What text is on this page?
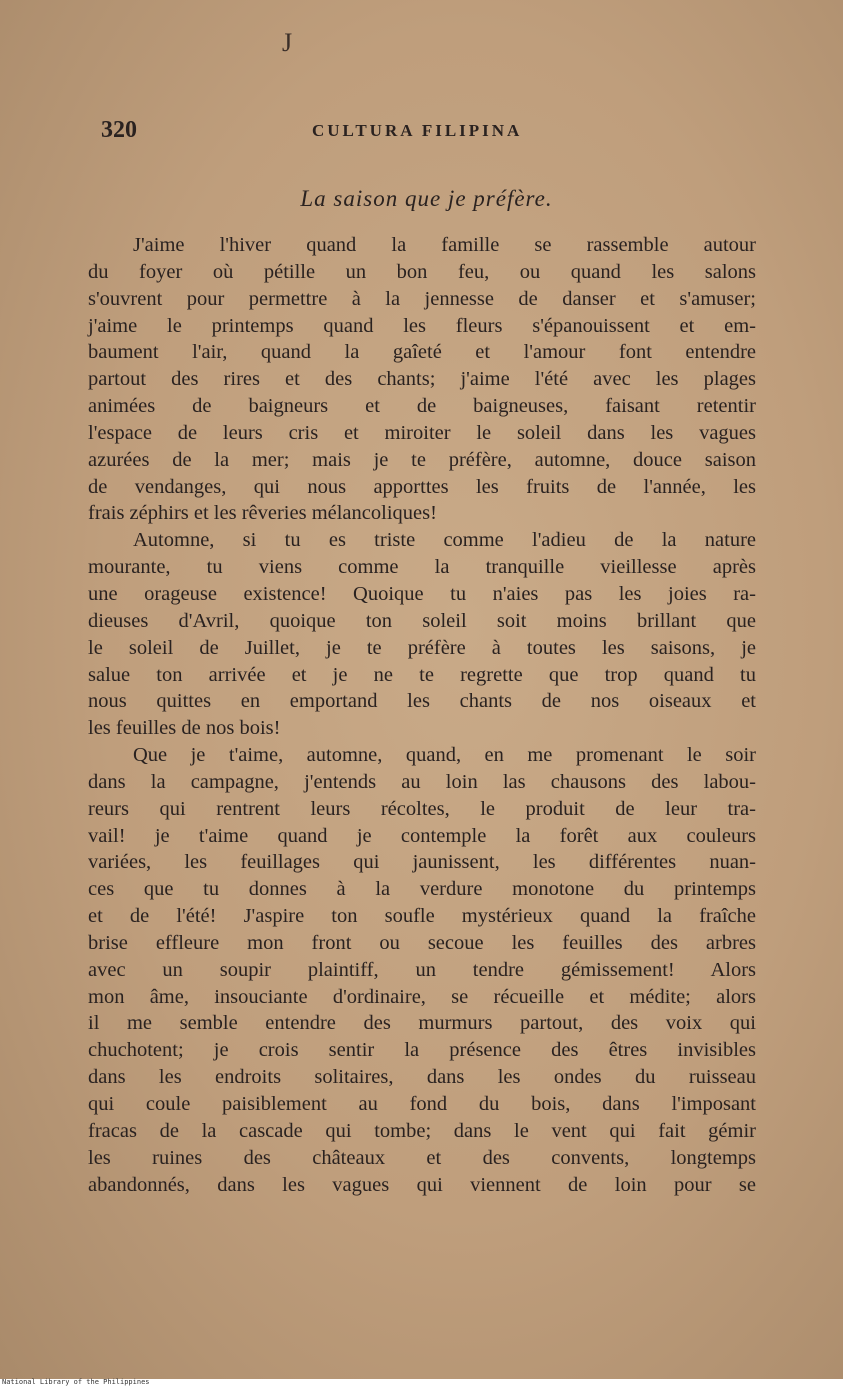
J
320	CULTURA FILIPINA
La saison que je préfère.
J'aime l'hiver quand la famille se rassemble autour
du foyer où pétille un bon feu, ou quand les salons
s'ouvrent pour permettre à la jennesse de danser et s'amuser;
j'aime le printemps quand les fleurs s'épanouissent et em-
baument l'air, quand la gaîeté et l'amour font entendre
partout des rires et des chants; j'aime l'été avec les plages
animées de baigneurs et de baigneuses, faisant retentir
l'espace de leurs cris et miroiter le soleil dans les vagues
azurées de la mer; mais je te préfère, automne, douce saison
de vendanges, qui nous apporttes les fruits de l'année, les
frais zéphirs et les rêveries mélancoliques!
Automne, si tu es triste comme l'adieu de la nature
mourante, tu viens comme la tranquille vieillesse après
une orageuse existence! Quoique tu n'aies pas les joies ra-
dieuses d'Avril, quoique ton soleil soit moins brillant que
le soleil de Juillet, je te préfère à toutes les saisons, je
salue ton arrivée et je ne te regrette que trop quand tu
nous quittes en emportand les chants de nos oiseaux et
les feuilles de nos bois!
Que je t'aime, automne, quand, en me promenant le soir
dans la campagne, j'entends au loin las chausons des labou-
reurs qui rentrent leurs récoltes, le produit de leur tra-
vail! je t'aime quand je contemple la forêt aux couleurs
variées, les feuillages qui jaunissent, les différentes nuan-
ces que tu donnes à la verdure monotone du printemps
et de l'été! J'aspire ton soufle mystérieux quand la fraîche
brise effleure mon front ou secoue les feuilles des arbres
avec un soupir plaintiff, un tendre gémissement! Alors
mon âme, insouciante d'ordinaire, se récueille et médite; alors
il me semble entendre des murmurs partout, des voix qui
chuchotent; je crois sentir la présence des êtres invisibles
dans les endroits solitaires, dans les ondes du ruisseau
qui coule paisiblement au fond du bois, dans l'imposant
fracas de la cascade qui tombe; dans le vent qui fait gémir
les ruines des châteaux et des convents, longtemps
abandonnés, dans les vagues qui viennent de loin pour se
National Library of the Philippines
